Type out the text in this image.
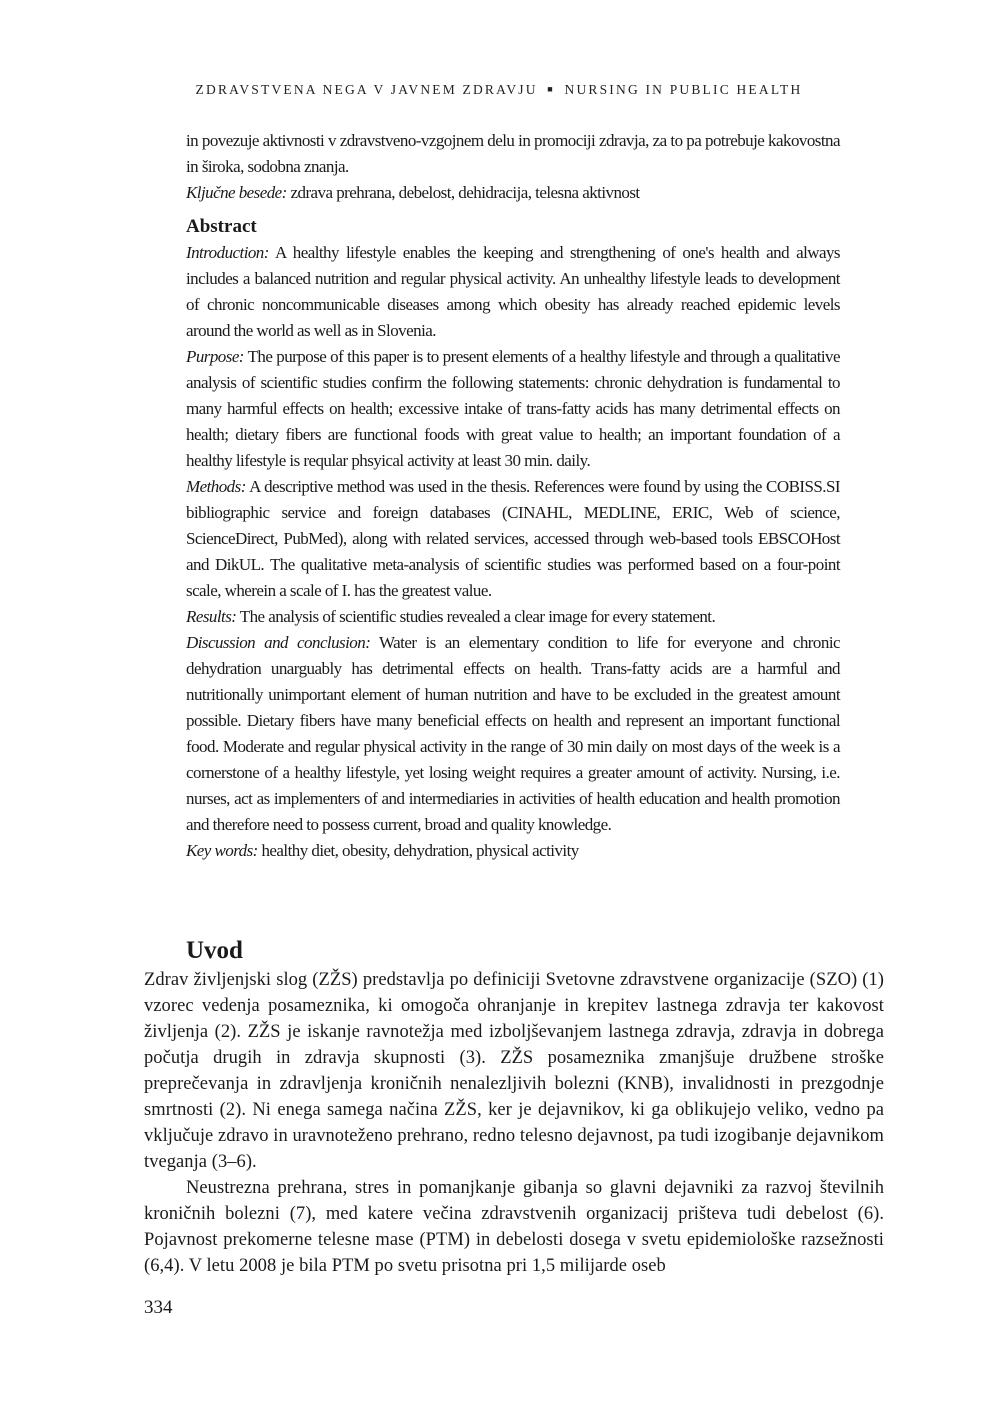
ZDRAVSTVENA NEGA V JAVNEM ZDRAVJU ■ NURSING IN PUBLIC HEALTH

in povezuje aktivnosti v zdravstveno-vzgojnem delu in promociji zdravja, za to pa potrebuje kakovostna in široka, sodobna znanja.

Ključne besede: zdrava prehrana, debelost, dehidracija, telesna aktivnost

Abstract

Introduction: A healthy lifestyle enables the keeping and strengthening of one's health and always includes a balanced nutrition and regular physical activity. An unhealthy lifestyle leads to development of chronic noncommunicable diseases among which obesity has already reached epidemic levels around the world as well as in Slovenia.

Purpose: The purpose of this paper is to present elements of a healthy lifestyle and through a qualitative analysis of scientific studies confirm the following statements: chronic dehydration is fundamental to many harmful effects on health; excessive intake of trans-fatty acids has many detrimental effects on health; dietary fibers are functional foods with great value to health; an important foundation of a healthy lifestyle is reqular phsyical activity at least 30 min. daily.

Methods: A descriptive method was used in the thesis. References were found by using the COBISS.SI bibliographic service and foreign databases (CINAHL, MEDLINE, ERIC, Web of science, ScienceDirect, PubMed), along with related services, accessed through web-based tools EBSCOHost and DikUL. The qualitative meta-analysis of scientific studies was performed based on a four-point scale, wherein a scale of I. has the greatest value.

Results: The analysis of scientific studies revealed a clear image for every statement.

Discussion and conclusion: Water is an elementary condition to life for everyone and chronic dehydration unarguably has detrimental effects on health. Trans-fatty acids are a harmful and nutritionally unimportant element of human nutrition and have to be excluded in the greatest amount possible. Dietary fibers have many beneficial effects on health and represent an important functional food. Moderate and regular physical activity in the range of 30 min daily on most days of the week is a cornerstone of a healthy lifestyle, yet losing weight requires a greater amount of activity. Nursing, i.e. nurses, act as implementers of and intermediaries in activities of health education and health promotion and therefore need to possess current, broad and quality knowledge.

Key words: healthy diet, obesity, dehydration, physical activity

Uvod

Zdrav življenjski slog (ZŽS) predstavlja po definiciji Svetovne zdravstvene organizacije (SZO) (1) vzorec vedenja posameznika, ki omogoča ohranjanje in krepitev lastnega zdravja ter kakovost življenja (2). ZŽS je iskanje ravnotežja med izboljševanjem lastnega zdravja, zdravja in dobrega počutja drugih in zdravja skupnosti (3). ZŽS posameznika zmanjšuje družbene stroške preprečevanja in zdravljenja kroničnih nenalezljivih bolezni (KNB), invalidnosti in prezgodnje smrtnosti (2). Ni enega samega načina ZŽS, ker je dejavnikov, ki ga oblikujejo veliko, vedno pa vključuje zdravo in uravnoteženo prehrano, redno telesno dejavnost, pa tudi izogibanje dejavnikom tveganja (3–6).

Neustrezna prehrana, stres in pomanjkanje gibanja so glavni dejavniki za razvoj številnih kroničnih bolezni (7), med katere večina zdravstvenih organizacij prišteva tudi debelost (6). Pojavnost prekomerne telesne mase (PTM) in debelosti dosega v svetu epidemiološke razsežnosti (6,4). V letu 2008 je bila PTM po svetu prisotna pri 1,5 milijarde oseb

334
